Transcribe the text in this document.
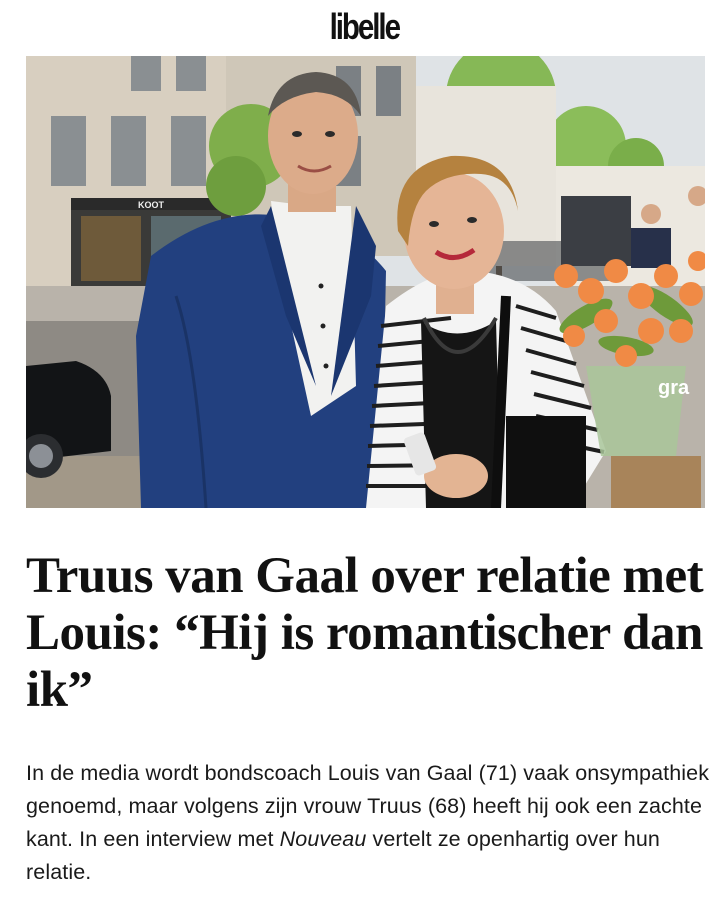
libelle
KOOT
gra
Truus van Gaal over relatie met Louis: “Hij is romantischer dan ik”

In de media wordt bondscoach Louis van Gaal (71) vaak onsympathiek genoemd, maar volgens zijn vrouw Truus (68) heeft hij ook een zachte kant. In een interview met Nouveau vertelt ze openhartig over hun relatie.
